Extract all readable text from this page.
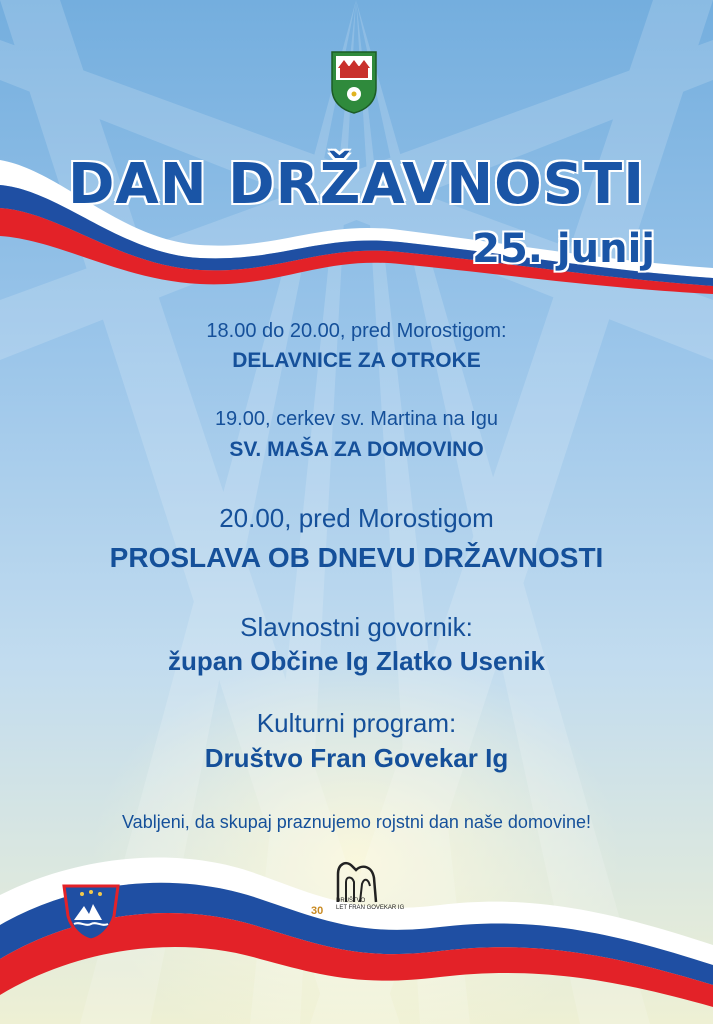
DAN DRŽAVNOSTI
25. junij
18.00 do 20.00, pred Morostigom:
DELAVNICE ZA OTROKE
19.00, cerkev sv. Martina na Igu
SV. MAŠA ZA DOMOVINO
20.00, pred Morostigom
PROSLAVA OB DNEVU DRŽAVNOSTI
Slavnostni govornik:
župan Občine Ig Zlatko Usenik
Kulturni program:
Društvo Fran Govekar Ig
Vabljeni, da skupaj praznujemo rojstni dan naše domovine!
30
DRUŠTVO
LET FRAN GOVEKAR IG
